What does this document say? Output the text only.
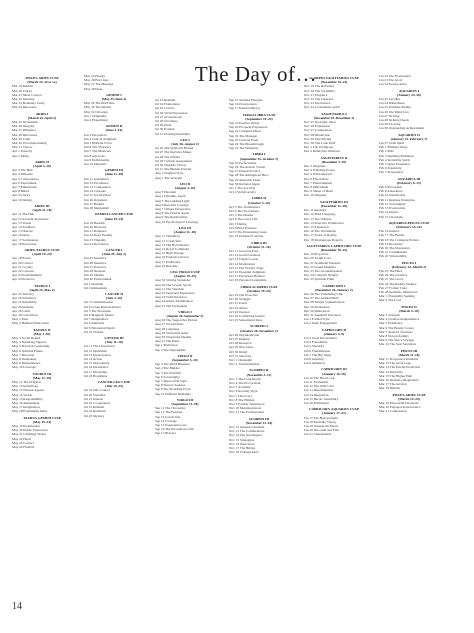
The Day of…
PISCES-ARIES CUSP
(March 19–24 or so)
Mar 19 Rebirth
Mar 20 Clarity
Mar 21 Sheer Control
Mar 22 Intensity
Mar 23 Boundary Unity
Mar 24 Innocence
ARIES I
(March 25–April 2)
Mar 25 Dynamism
Mar 26 Integrity
Mar 27 Diligence
Mar 28 Directness
Mar 29 Calm
Mar 30 Uncompromising
Mar 31 Vision
Apr 1 Tenacity
Apr 2 Ideals
ARIES II
(April 3–10)
Apr 3 The Hub
Apr 4 Initiative
Apr 5 Consequence
Apr 6 Experiment
Apr 7 Enthusiasm
Apr 8 Belief
Apr 9 Clarity
Apr 10 Daring
ARIES III
(April 11–18)
Apr 11 The Hub
Apr 12 Societal Awareness
Apr 13 Vision
Apr 14 Tradition
Apr 15 Honour
Apr 16 Ideas
Apr 17 Seriousness
Apr 18 Protection
ARIES-TAURUS CUSP
(April 19–24)
Apr 19 Power
Apr 20 Control
Apr 21 Loyalty
Apr 22 Concern
Apr 23 Establishment
Apr 24 Protector
TAURUS I
(April 25–May 2)
Apr 25 Tenacity
Apr 26 Substance
Apr 27 Reliability
Apr 28 Industry
Apr 29 Calm
Apr 30 Conviction
May 1 Ease
May 2 Human Observation
TAURUS II
(May 3–10)
May 3 Social Realist
May 4 Nurturing Support
May 5 Practical Leadership
May 6 Spiritual Future
May 7 Devotion
May 8 Outspoken
May 9 Independence
May 10 Leverage
TAURUS III
(May 11–18)
May 11 The Original
May 12 Rebellious
May 13 Natural Appeal
May 14 Vision
May 15 Responsibility
May 16 Amusement
May 17 Imagination
May 18 Established Ideas
TAURUS-GEMINI CUSP
(May 19–24)
May 19 Presentation
May 20 Public Expression
May 21 Unfailing Vision
May 22 Heart
May 23 Contact
May 24 Flexible
May 25 Energy
May 26 Bold Idea
May 27 The Message
May 28 Ideas
GEMINI I
(May 25–June 2)
May 29 The Bold One
May 30 The Wizard
May 31 Devotion
Jun 1 Originality
Jun 2 Experiment
GEMINI II
(June 3–10)
Jun 3 Perception
Jun 4 Critical Judgment
Jun 5 Brilliant Force
Jun 6 The Visionary
Jun 7 The Musician
Jun 8 Advocate
Jun 9 Individualist
Jun 10 Magnetic
GEMINI III
(June 11–18)
Jun 11 Adventurer
Jun 12 Excellence
Jun 13 Compassion
Jun 14 Crusader
Jun 15 Social Heart
Jun 16 Organizer
Jun 17 Builder
Jun 18 Magnetism
GEMINI-CANCER CUSP
(June 19–24)
Jun 19 Breadth
Jun 20 Diversity
Jun 21 Romance
Jun 22 Deep Feeling
Jun 23 Empathy
Jun 24 Revelation
CANCER I
(June 25–July 2)
Jun 25 Sensitive
Jun 26 Intensive
Jun 27 Protector
Jun 28 Nurturer
Jun 29 Idealist
Jun 30 Environment
Jul 1 Idealism
Jul 2 Refinement
CANCER II
(July 3–10)
Jul 3 Communication
Jul 4 Group Representative
Jul 5 The Showman
Jul 6 Magnetic Desire
Jul 7 Imagination
Jul 8 Ambition
Jul 9 Emotional Depth
Jul 10 Wonder
CANCER III
(July 11–18)
Jul 11 The Unsolicited
Jul 12 Optimism
Jul 13 Perseverance
Jul 14 Action
Jul 15 Opportunity
Jul 16 Persistence
Jul 17 Discipline
Jul 18 Boundless
CANCER-LEO CUSP
(July 19–25)
Jul 19 Self-Control
Jul 20 Steadfast
Jul 21 Interest
Jul 22 Cooperation
Jul 23 Realism
Jul 24 Romantic
Jul 25 Mystery
Jul 23 Realism
Jul 24 Exuberance
Jul 25 Control
Jul 26 Vivid Expression
Jul 27 Occupational
Jul 28 Overtures
Jul 29 Pride
Jul 30 Evident
Jul 31 Exciting Instability
LEO I
(July 26–August 2)
Jul 26 The Symbolic Herald
Jul 27 The Decisive Maker
Jul 28 The Winner
Jul 29 Cultural Assessment
Jul 30 Tangible Victory
Jul 31 The Human Portrait
Aug 1 Original Style
Aug 2 The Versatile
LEO II
(August 3–10)
Aug 3 Heroism
Aug 4 Dynamic Agent
Aug 5 The Guiding Light
Aug 6 Resolute Courage
Aug 7 Unique Perspective
Aug 8 The Double Agent
Aug 9 The Relationship
Aug 10 Psychological Leverage
LEO III
(August 11–18)
Aug 11 Validation
Aug 12 Conviction
Aug 13 The Bold Mentor
Aug 14 Royal Command
Aug 15 High Voltage
Aug 16 Explosive Power
Aug 17 Endurance
Aug 18 Resolute
LEO-VIRGO CUSP
(August 19–25)
Aug 19 Stirring Surrender
Aug 20 The Cryptic Secret
Aug 21 The Standout
Aug 22 Seasoned Experience
Aug 23 Truth Precision
Aug 24 Astute Examination
Aug 25 The Unabashed
VIRGO I
(August 26–September 2)
Aug 26 The Supportive Partner
Aug 27 Social Ideals
Aug 28 Language
Aug 29 Structured Artist
Aug 30 Structured Idealist
Aug 31 The Plebe
Sep 1 Perfection
Sep 2 The Dependable
VIRGO II
(September 3–10)
Sep 3 The Mold Breakers
Sep 4 The Builder
Sep 5 The Fanciful
Sep 6 Sovereignty
Sep 7 Impeccable Style
Sep 8 Sincere Seekers
Sep 9 The Presiding Force
Sep 10 Difficult Demands
VIRGO III
(September 11–18)
Sep 11 The Chronicler
Sep 12 The Fearless
Sep 13 Conviction
Sep 14 Courage
Sep 15 Passionate Care
Sep 16 The Perceptive Critic
Sep 17 Bravery
Sep 15 Spirited Energies
Sep 16 Perseverance
Sep 17 Internal Heresy
VIRGO-LIBRA CUSP
(September 19–24)
Sep 19 Positive Image
Sep 20 Eloquent Expression
Sep 21 Complete Heart
Sep 22 The Manager
Sep 23 Curious Form
Sep 24 The Breakthrough
Sep 25 The Wanderer
LIBRA I
(September 25–October 2)
Sep 25 Perfectionist
Sep 26 The Artistic Savant
Sep 27 Patient Practice
Sep 28 The Ambiguous Hero
Sep 29 Amicable Ideas
Sep 30 Rational Agent
Oct 1 The Top Dog
Oct 2 Verbal Acuity
LIBRA II
(October 3–10)
Oct 3 The Trendsetters
Oct 4 The Storytellers
Oct 5 The Idealist
Oct 6 The Good Life
Oct 7 Daring
Oct 8 Bold Presence
Oct 9 The Penetrating Gaze
Oct 10 Prudent Economy
LIBRA III
(October 11–18)
Oct 11 Gracious Ease
Oct 12 Grand Gestures
Oct 13 Tough Cookie
Oct 14 Moderation
Oct 15 The World's Stage
Oct 16 Essential Judgment
Oct 17 Precarious Balance
Oct 18 Personal Leadership
LIBRA-SCORPIO CUSP
(October 19–25)
Oct 19 The Proactive
Oct 20 Struggle
Oct 21 Poetic
Oct 22 Allure
Oct 23 Tension
Oct 24 Conflicting Karma
Oct 25 Sensational Ideas
SCORPIO I
(October 26–November 2)
Oct 26 Organizational
Oct 27 Impulse
Oct 28 Research
Oct 29 New Ideas
Oct 30 Detail
Oct 31 Sincerity
Nov 1 Onslaught
Nov 2 Transformation
SCORPIO II
(November 3–11)
Nov 3 The Long Reach
Nov 4 The Provocateur
Nov 5 Actuality
Nov 6 Roaring Vigor
Nov 7 Discovery
Nov 8 The Hidden
Nov 9 Earthly Temptation
Nov 10 Metamorphosis
Nov 11 The Underground
SCORPIO III
(November 12–18)
Nov 12 Sensual Charisma
Nov 13 The Commentator
Nov 14 The Investigator
Nov 15 Strategists
Nov 16 Innovation
Nov 17 The Bridge
Nov 18 Transgression
SCORPIO-SAGITTARIUS CUSP
(November 19–24)
Nov 19 The Reformer
Nov 20 The Scrambler
Nov 21 Elegance
Nov 22 The Liberator
Nov 23 Irreverence
Nov 24 Contentious Spirit
SAGITTARIUS I
(November 25–December 2)
Nov 25 Nostalgic Ideal
Nov 26 Expression
Nov 27 Compassion
Nov 28 Distinction
Nov 29 Electrifying
Nov 30 The Lone Wolf
Dec 1 The Irreligious
Dec 2 Reflective Observer
SAGITTARIUS II
(December 3–10)
Dec 3 Originals
Dec 4 Wielding Power
Dec 5 Wholehearted
Dec 6 Fixed Ideas
Dec 7 Entertainment
Dec 8 Individuals
Dec 9 Shape of Heart
Dec 10 Disguise
SAGITTARIUS III
(December 11–18)
Dec 11 Intensity
Dec 12 Bold Language
Dec 13 The Witness
Dec 14 Selective Withdrawal
Dec 15 Expansion
Dec 16 The Wordsmith
Dec 17 Sense of Reality
Dec 18 Momentous Projects
SAGITTARIUS-CAPRICORN CUSP
(December 19–25)
Dec 19 Projection
Dec 20 Tough Love
Dec 21 Dominant Pleasure
Dec 22 Grand Enigmas
Dec 23 The Groundbreakers
Dec 24 Complex Natures
Dec 25 Spiritual Faith
CAPRICORN I
(December 26–January 2)
Dec 26 The Unbending Chip
Dec 27 The Guided Heart
Dec 28 Simple Sophistication
Dec 29 Persistence
Dec 30 Dedication
Dec 31 Aesthetic Precision
Jan 1 Formal Style
Jan 2 Inner Engagement
CAPRICORN II
(January 3–9)
Jan 3 Total Involvement
Jan 4 Foundation
Jan 5 Sincerity
Jan 6 Transmission
Jan 7 The Big Stage
Jan 8 Aspiring
Jan 9 Ambition
CAPRICORN III
(January 10–16)
Jan 10 The Hard Look
Jan 11 Evaluation
Jan 12 The Wild Card
Jan 13 Determination
Jan 14 Integration
Jan 15 Heroic Sensibility
Jan 16 Fulfillment
CAPRICORN-AQUARIUS CUSP
(January 17–22)
Jan 17 The Heavyweight
Jan 18 Eternally Young
Jan 19 Outside the Norm
Jan 20 Decorum and Flair
Jan 21 Cheerleaders
Jan 22 The Frontrunner
Jan 23 The Glory
Jan 24 Escape Artist
AQUARIUS I
(January 23–30)
Jan 23 Lucidity
Jan 24 Naturalness
Jan 25 Ultimate Reality
Jan 26 The Mind Icon
Jan 27 Striving
Jan 28 Striking Deeds
Jan 29 Glowing
Jan 30 Outstanding Achievement
AQUARIUS II
(January 31–February 7)
Jan 31 Swift Spirit
Feb 1 Brilliant Surge
Feb 2 Elite
Feb 3 Dazzling Brilliance
Feb 4 Invincible Spirit
Feb 5 Quiet Eloquence
Feb 6 Popularity
Feb 7 Progressive
AQUARIUS III
(February 8–15)
Feb 8 Perception
Feb 9 Abundance
Feb 10 Satisfaction
Feb 11 Restless Enterprise
Feb 12 Sovereignty
Feb 13 Exploration
Feb 14 Impact
Feb 15 Oversight
AQUARIUS-PISCES CUSP
(February 16–22)
Feb 16 Instinct
Feb 17 The Battler
Feb 18 The Complete Picture
Feb 19 Receptive
Feb 20 The Impressive
Feb 21 Commitment
Feb 22 Vulnerability
PISCES I
(February 23–March 2)
Feb 23 The Hard
Feb 24 The Sacrifice
Feb 25 The Good
Feb 26 The Reality Seekers
Feb 27 Formal Trust
Feb 28 Aesthetic Immersion
Mar 1 Tranquility Seeking
Mar 2 The Lord
PISCES II
(March 3–10)
Mar 3 Tranquil
Mar 4 Creative Independence
Mar 5 Ebullience
Mar 6 The Beauty Lovers
Mar 7 Abstract Structure
Mar 8 Nonconformity
Mar 9 The Space Voyager
Mar 10 The Soul Searchers
PISCES III
(March 11–18)
Mar 11 Progressive Intuition
Mar 12 The Great Leap
Mar 13 The Fateful Prediction
Mar 14 Relativity
Mar 15 The Higher Path
Mar 16 Realistic Imagination
Mar 17 The Acrobat
Mar 18 Rebirth
PISCES-ARIES CUSP
(March 19–24)
Mar 19 Purposeful Decisions
Mar 20 Engaged Perseverance
Mar 21 Compassion
14
